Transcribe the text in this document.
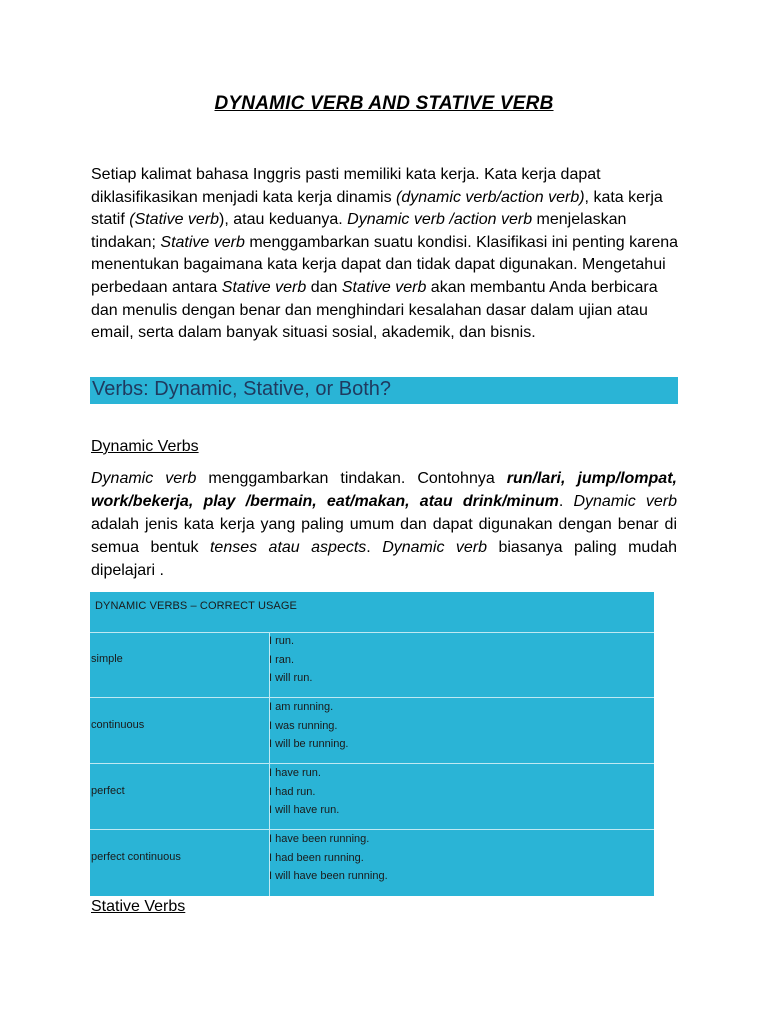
DYNAMIC VERB AND STATIVE VERB

Setiap kalimat bahasa Inggris pasti memiliki kata kerja. Kata kerja dapat diklasifikasikan menjadi kata kerja dinamis (dynamic verb/action verb), kata kerja statif (Stative verb), atau keduanya. Dynamic verb /action verb menjelaskan tindakan; Stative verb menggambarkan suatu kondisi. Klasifikasi ini penting karena menentukan bagaimana kata kerja dapat dan tidak dapat digunakan. Mengetahui perbedaan antara Stative verb dan Stative verb akan membantu Anda berbicara dan menulis dengan benar dan menghindari kesalahan dasar dalam ujian atau email, serta dalam banyak situasi sosial, akademik, dan bisnis.

Verbs: Dynamic, Stative, or Both?
Dynamic Verbs

Dynamic verb menggambarkan tindakan. Contohnya run/lari, jump/lompat, work/bekerja, play /bermain, eat/makan, atau drink/minum. Dynamic verb adalah jenis kata kerja yang paling umum dan dapat digunakan dengan benar di semua bentuk tenses atau aspects. Dynamic verb biasanya paling mudah dipelajari .

DYNAMIC VERBS – CORRECT USAGE
simple
I run.
I ran.
I will run.
continuous
I am running.
I was running.
I will be running.
perfect
I have run.
I had run.
I will have run.
perfect continuous
I have been running.
I had been running.
I will have been running.
Stative Verbs
